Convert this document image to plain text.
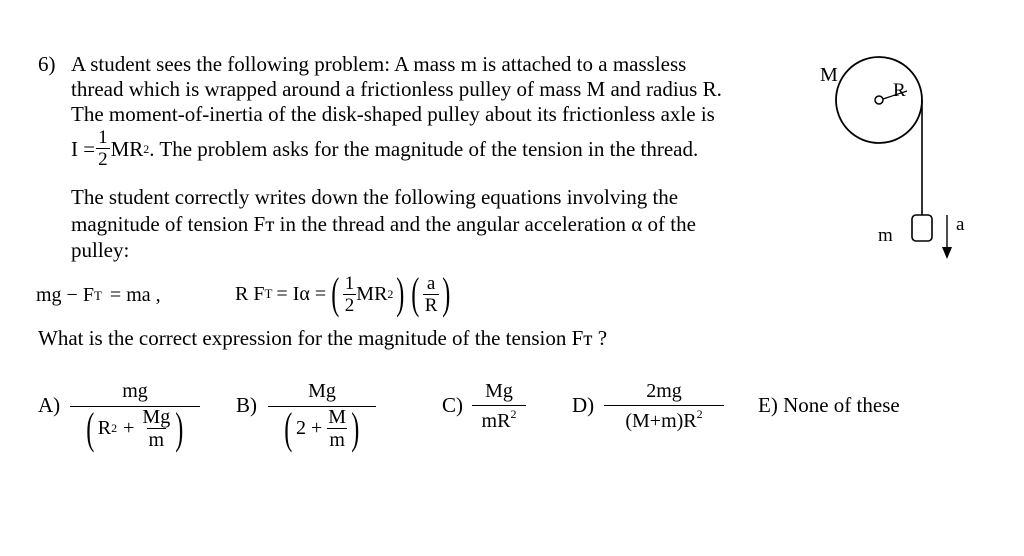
6) A student sees the following problem: A mass m is attached to a massless
thread which is wrapped around a frictionless pulley of mass M and radius R.
The moment-of-inertia of the disk-shaped pulley about its frictionless axle is
$I = \frac{1}{2}$ MR 2 . The problem asks for the magnitude of the tension in the thread.
The student correctly writes down the following equations involving the
magnitude of tension Fᴛ in the thread and the angular acceleration α of the
pulley:
mg − F T = ma ,	R F T = Iα = ( $\frac{1}{2}$ MR 2 ) ( $\frac{a}{R}$ )
What is the correct expression for the magnitude of the tension Fᴛ ?
$A) \frac{mg}{( R 2 + \frac{Mg}{m} )} B) \frac{Mg}{( 2 + \frac{M}{m} )}$	$C) \frac{Mg}{mR^2} D) \frac{2mg}{(M+m)R^2} E$) None of these
M
R
m
a
